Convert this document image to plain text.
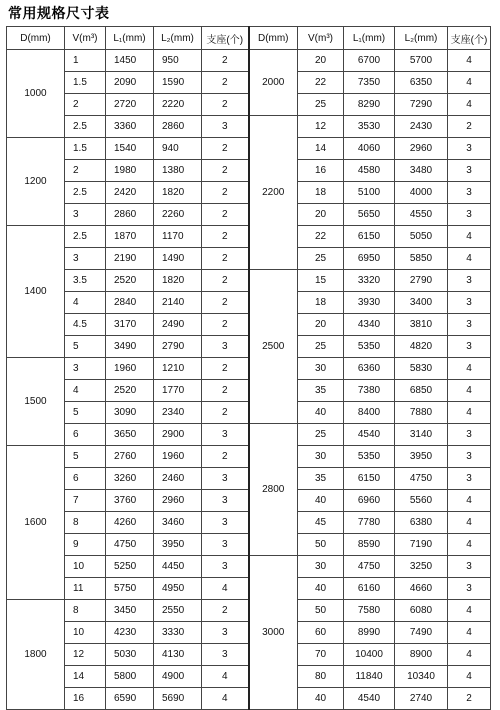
常用规格尺寸表
D(mm)	V(m³)	L₁(mm)	L₂(mm)	支座(个)	D(mm)	V(m³)	L₁(mm)	L₂(mm)	支座(个)
1000	1	1450	950	2	2000	20	6700	5700	4
	1.5	2090	1590	2		22	7350	6350	4
	2	2720	2220	2		25	8290	7290	4
	2.5	3360	2860	3	2200	12	3530	2430	2
1200	1.5	1540	940	2		14	4060	2960	3
	2	1980	1380	2		16	4580	3480	3
	2.5	2420	1820	2		18	5100	4000	3
	3	2860	2260	2		20	5650	4550	3
1400	2.5	1870	1170	2		22	6150	5050	4
	3	2190	1490	2		25	6950	5850	4
	3.5	2520	1820	2	2500	15	3320	2790	3
	4	2840	2140	2		18	3930	3400	3
	4.5	3170	2490	2		20	4340	3810	3
	5	3490	2790	3		25	5350	4820	3
1500	3	1960	1210	2		30	6360	5830	4
	4	2520	1770	2		35	7380	6850	4
	5	3090	2340	2		40	8400	7880	4
	6	3650	2900	3	2800	25	4540	3140	3
1600	5	2760	1960	2		30	5350	3950	3
	6	3260	2460	3		35	6150	4750	3
	7	3760	2960	3		40	6960	5560	4
	8	4260	3460	3		45	7780	6380	4
	9	4750	3950	3		50	8590	7190	4
	10	5250	4450	3	3000	30	4750	3250	3
	11	5750	4950	4		40	6160	4660	3
1800	8	3450	2550	2		50	7580	6080	4
	10	4230	3330	3		60	8990	7490	4
	12	5030	4130	3		70	10400	8900	4
	14	5800	4900	4		80	11840	10340	4
	16	6590	5690	4		40	4540	2740	2
